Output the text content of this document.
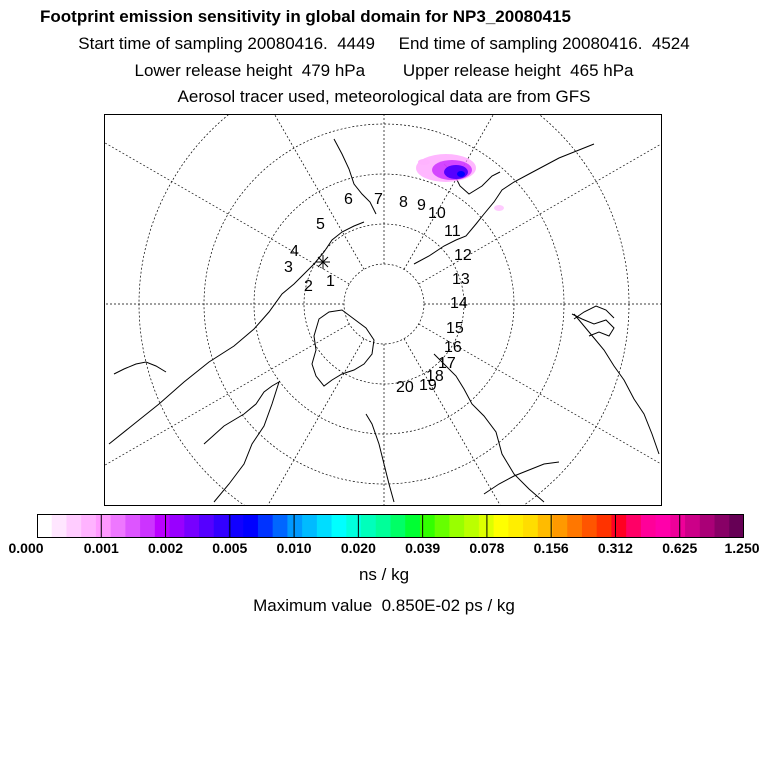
Footprint emission sensitivity in global domain for NP3_20080415
Start time of sampling 20080416.  4449     End time of sampling 20080416.  4524
Lower release height  479 hPa        Upper release height  465 hPa
Aerosol tracer used, meteorological data are from GFS
1
2
3
4
5
6 7 8 9 10
11
12
13
14
15
16
17
18
19
20
0.000	0.001 0.002 0.005 0.010 0.020 0.039 0.078 0.156 0.312 0.625 1.250
ns / kg
Maximum value  0.850E-02 ps / kg
